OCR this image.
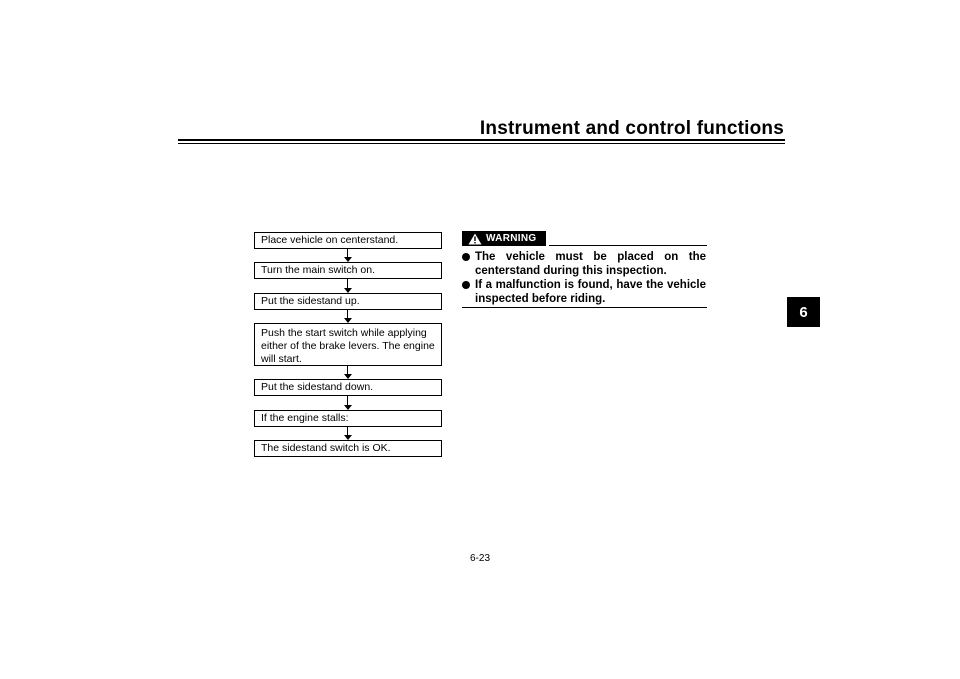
Instrument and control functions
6
Place vehicle on centerstand.
Turn the main switch on.
Put the sidestand up.
Push the start switch while applying either of the brake levers. The engine will start.
Put the sidestand down.
If the engine stalls:
The sidestand switch is OK.
WARNING
The vehicle must be placed on the centerstand during this inspection.
If a malfunction is found, have the vehicle inspected before riding.
6-23
